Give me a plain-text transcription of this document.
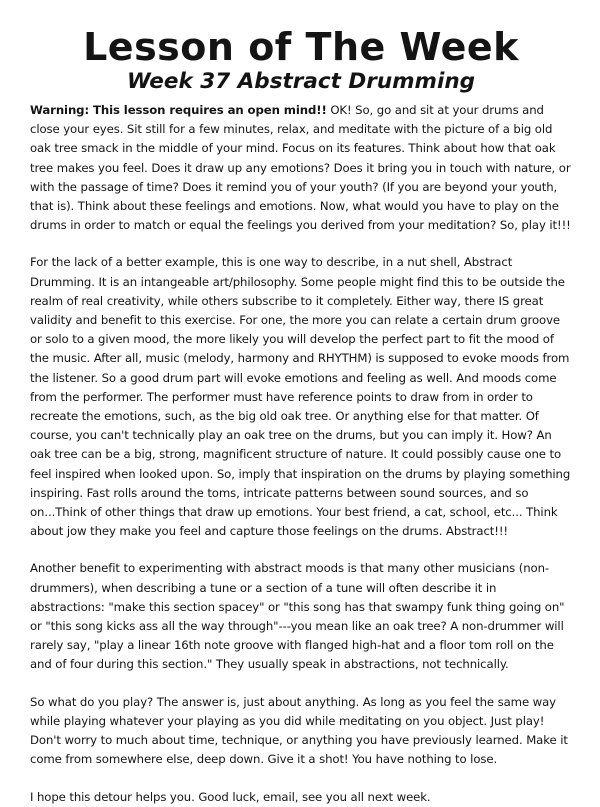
Lesson of The Week
Week 37 Abstract Drumming

Warning: This lesson requires an open mind!! OK! So, go and sit at your drums and close your eyes. Sit still for a few minutes, relax, and meditate with the picture of a big old oak tree smack in the middle of your mind. Focus on its features. Think about how that oak tree makes you feel. Does it draw up any emotions? Does it bring you in touch with nature, or with the passage of time? Does it remind you of your youth? (If you are beyond your youth, that is). Think about these feelings and emotions. Now, what would you have to play on the drums in order to match or equal the feelings you derived from your meditation? So, play it!!!

For the lack of a better example, this is one way to describe, in a nut shell, Abstract Drumming. It is an intangeable art/philosophy. Some people might find this to be outside the realm of real creativity, while others subscribe to it completely. Either way, there IS great validity and benefit to this exercise. For one, the more you can relate a certain drum groove or solo to a given mood, the more likely you will develop the perfect part to fit the mood of the music. After all, music (melody, harmony and RHYTHM) is supposed to evoke moods from the listener. So a good drum part will evoke emotions and feeling as well. And moods come from the performer. The performer must have reference points to draw from in order to recreate the emotions, such, as the big old oak tree. Or anything else for that matter. Of course, you can't technically play an oak tree on the drums, but you can imply it. How? An oak tree can be a big, strong, magnificent structure of nature. It could possibly cause one to feel inspired when looked upon. So, imply that inspiration on the drums by playing something inspiring. Fast rolls around the toms, intricate patterns between sound sources, and so on...Think of other things that draw up emotions. Your best friend, a cat, school, etc... Think about jow they make you feel and capture those feelings on the drums. Abstract!!!

Another benefit to experimenting with abstract moods is that many other musicians (non-drummers), when describing a tune or a section of a tune will often describe it in abstractions: "make this section spacey" or "this song has that swampy funk thing going on" or "this song kicks ass all the way through"---you mean like an oak tree? A non-drummer will rarely say, "play a linear 16th note groove with flanged high-hat and a floor tom roll on the and of four during this section." They usually speak in abstractions, not technically.

So what do you play? The answer is, just about anything. As long as you feel the same way while playing whatever your playing as you did while meditating on you object. Just play! Don't worry to much about time, technique, or anything you have previously learned. Make it come from somewhere else, deep down. Give it a shot! You have nothing to lose.

I hope this detour helps you. Good luck, email, see you all next week.
